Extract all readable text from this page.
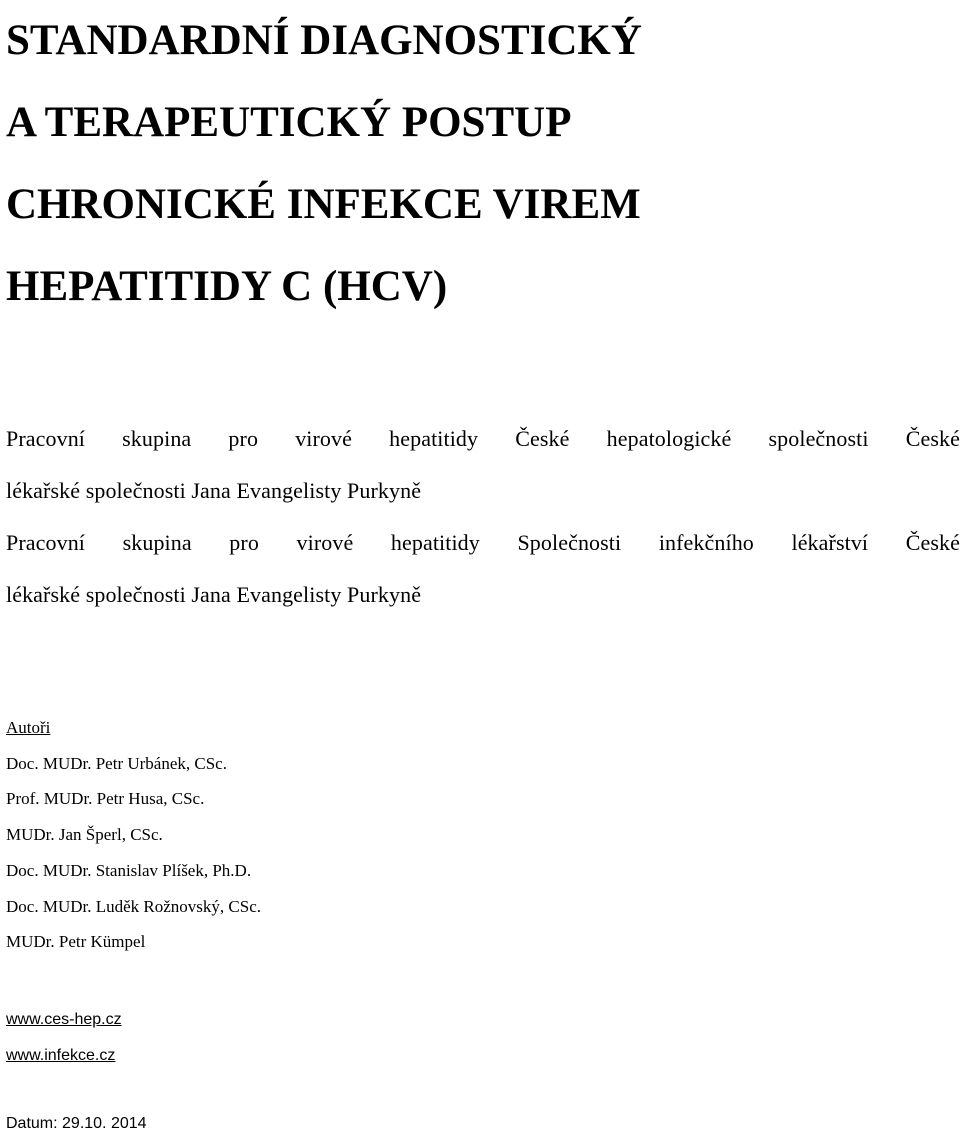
STANDARDNÍ DIAGNOSTICKÝ
A TERAPEUTICKÝ POSTUP
CHRONICKÉ INFEKCE VIREM
HEPATITIDY C (HCV)
Pracovní skupina pro virové hepatitidy České hepatologické společnosti České
lékařské společnosti Jana Evangelisty Purkyně
Pracovní skupina pro virové hepatitidy Společnosti infekčního lékařství České
lékařské společnosti Jana Evangelisty Purkyně
Autoři
Doc. MUDr. Petr Urbánek, CSc.
Prof. MUDr. Petr Husa, CSc.
MUDr. Jan Šperl, CSc.
Doc. MUDr. Stanislav Plíšek, Ph.D.
Doc. MUDr. Luděk Rožnovský, CSc.
MUDr. Petr Kümpel
www.ces-hep.cz
www.infekce.cz
Datum: 29.10. 2014
